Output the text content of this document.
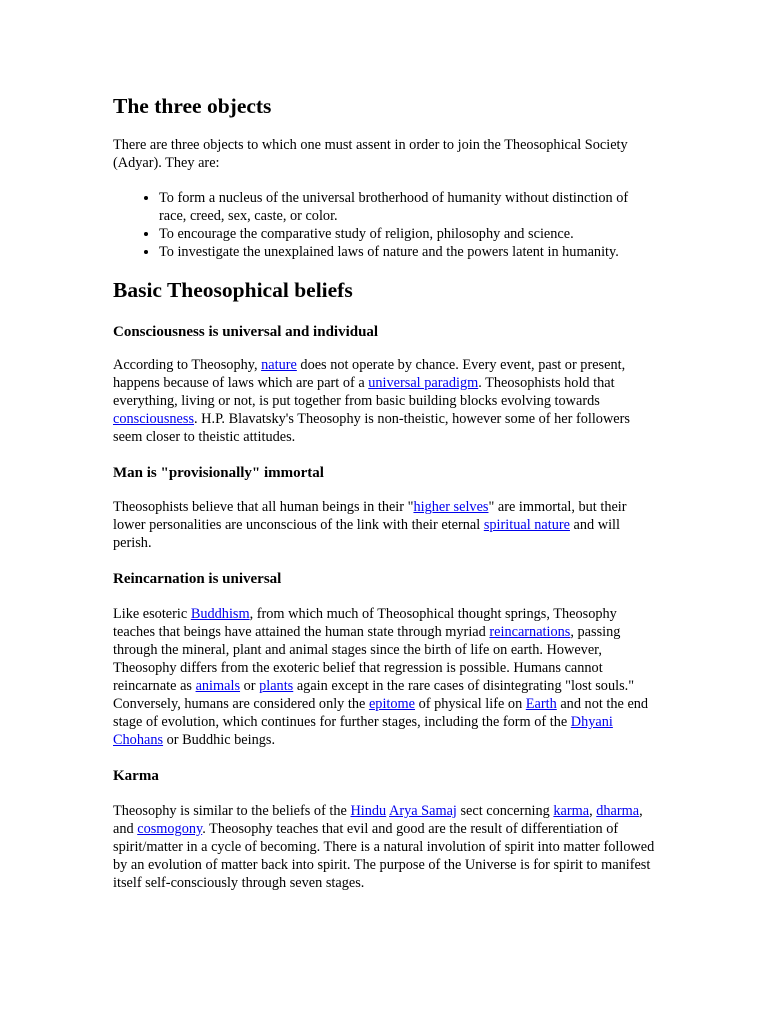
The three objects

There are three objects to which one must assent in order to join the Theosophical Society (Adyar). They are:

• To form a nucleus of the universal brotherhood of humanity without distinction of race, creed, sex, caste, or color.
• To encourage the comparative study of religion, philosophy and science.
• To investigate the unexplained laws of nature and the powers latent in humanity.
Basic Theosophical beliefs
Consciousness is universal and individual

According to Theosophy, nature does not operate by chance. Every event, past or present, happens because of laws which are part of a universal paradigm. Theosophists hold that everything, living or not, is put together from basic building blocks evolving towards consciousness. H.P. Blavatsky's Theosophy is non-theistic, however some of her followers seem closer to theistic attitudes.

Man is "provisionally" immortal

Theosophists believe that all human beings in their "higher selves" are immortal, but their lower personalities are unconscious of the link with their eternal spiritual nature and will perish.

Reincarnation is universal

Like esoteric Buddhism, from which much of Theosophical thought springs, Theosophy teaches that beings have attained the human state through myriad reincarnations, passing through the mineral, plant and animal stages since the birth of life on earth. However, Theosophy differs from the exoteric belief that regression is possible. Humans cannot reincarnate as animals or plants again except in the rare cases of disintegrating "lost souls." Conversely, humans are considered only the epitome of physical life on Earth and not the end stage of evolution, which continues for further stages, including the form of the Dhyani Chohans or Buddhic beings.

Karma

Theosophy is similar to the beliefs of the Hindu Arya Samaj sect concerning karma, dharma, and cosmogony. Theosophy teaches that evil and good are the result of differentiation of spirit/matter in a cycle of becoming. There is a natural involution of spirit into matter followed by an evolution of matter back into spirit. The purpose of the Universe is for spirit to manifest itself self-consciously through seven stages.
